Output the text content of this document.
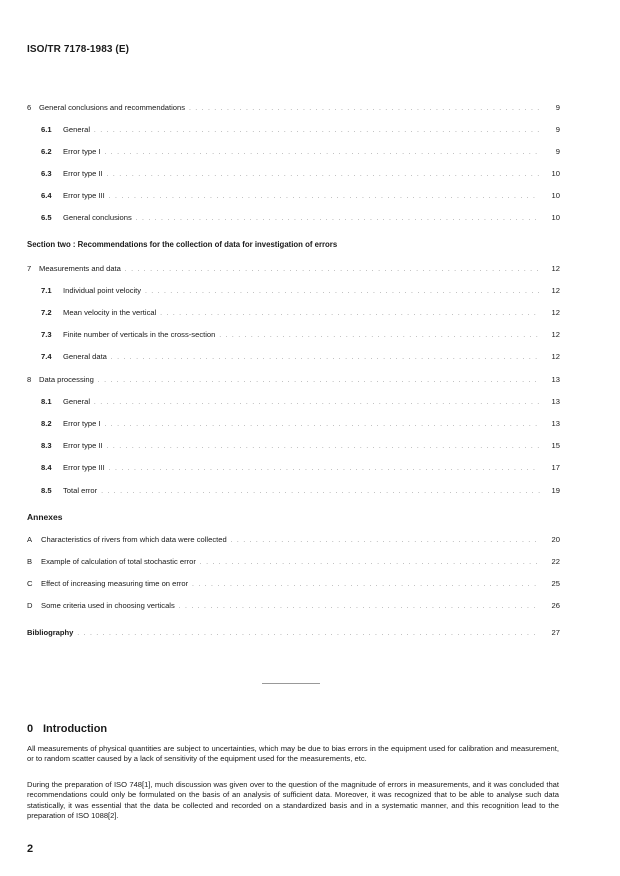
ISO/TR 7178-1983 (E)
6	General conclusions and recommendations . . .	9
6.1	General . . .	9
6.2	Error type I . . .	9
6.3	Error type II . . .	10
6.4	Error type III . . .	10
6.5	General conclusions . . .	10
Section two : Recommendations for the collection of data for investigation of errors
7	Measurements and data . . .	12
7.1	Individual point velocity . . .	12
7.2	Mean velocity in the vertical . . .	12
7.3	Finite number of verticals in the cross-section . . .	12
7.4	General data . . .	12
8	Data processing . . .	13
8.1	General . . .	13
8.2	Error type I . . .	13
8.3	Error type II . . .	15
8.4	Error type III . . .	17
8.5	Total error . . .	19
Annexes
A	Characteristics of rivers from which data were collected . . .	20
B	Example of calculation of total stochastic error . . .	22
C	Effect of increasing measuring time on error . . .	25
D	Some criteria used in choosing verticals . . .	26
Bibliography . . .	27
0 Introduction
All measurements of physical quantities are subject to uncertainties, which may be due to bias errors in the equipment used for calibration and measurement, or to random scatter caused by a lack of sensitivity of the equipment used for the measurements, etc.
During the preparation of ISO 748[1], much discussion was given over to the question of the magnitude of errors in measurements, and it was concluded that recommendations could only be formulated on the basis of an analysis of sufficient data. Moreover, it was recognized that to be able to analyse such data statistically, it was essential that the data be collected and recorded on a standardized basis and in a systematic manner, and this recognition lead to the preparation of ISO 1088[2].
2
